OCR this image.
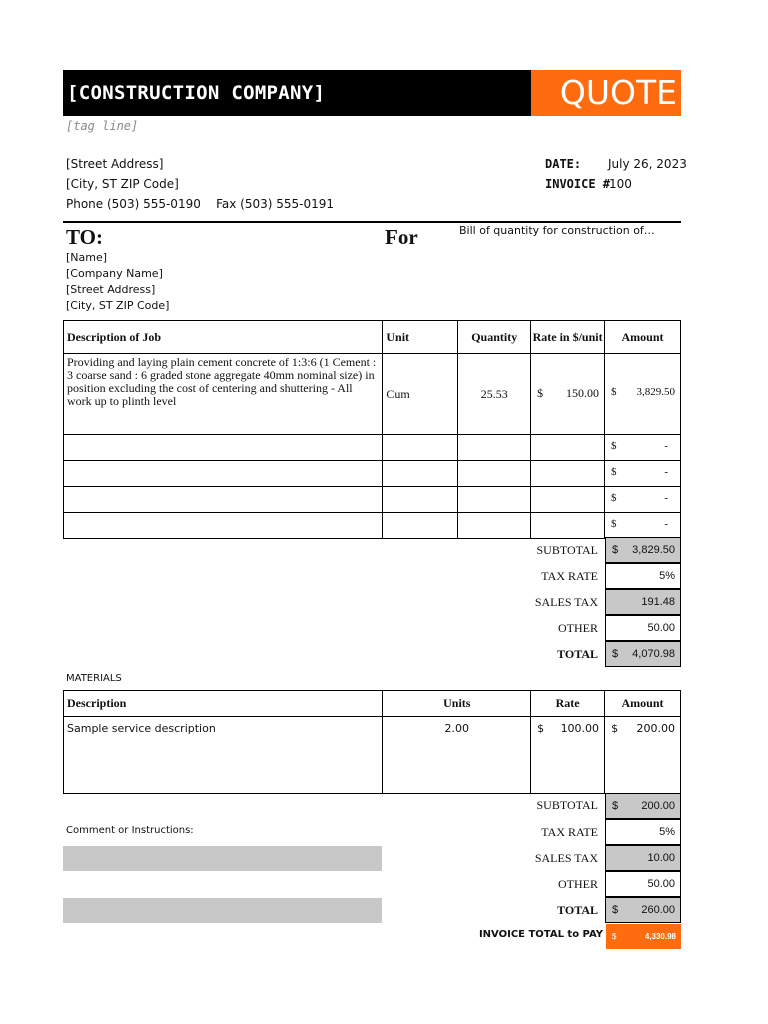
[CONSTRUCTION COMPANY]	QUOTE
[tag line]
[Street Address]
[City, ST ZIP Code]
Phone (503) 555-0190    Fax (503) 555-0191
DATE: July 26, 2023
INVOICE #
100
TO:	For	Bill of quantity for construction of…
[Name]
[Company Name]
[Street Address]
[City, ST ZIP Code]
Description of Job	Unit	Quantity	Rate in $/unit	Amount
Providing and laying plain cement concrete of 1:3:6 (1 Cement : 3 coarse sand : 6 graded stone aggregate 40mm nominal size) in position excluding the cost of centering and shuttering - All work up to plinth level	Cum	25.53	$ 150.00	$ 3,829.50

				$ -

				$ -

				$ -

				$ -
SUBTOTAL $ 3,829.50
TAX RATE	5%
SALES TAX	191.48
OTHER	50.00
TOTAL $ 4,070.98
MATERIALS
Description	Units	Rate	Amount
Sample service description	2.00	$ 100.00	$ 200.00
SUBTOTAL $ 200.00
TAX RATE	5%
SALES TAX	10.00
OTHER	50.00
TOTAL $ 260.00
Comment or Instructions:
INVOICE TOTAL to PAY $	4,330.98
